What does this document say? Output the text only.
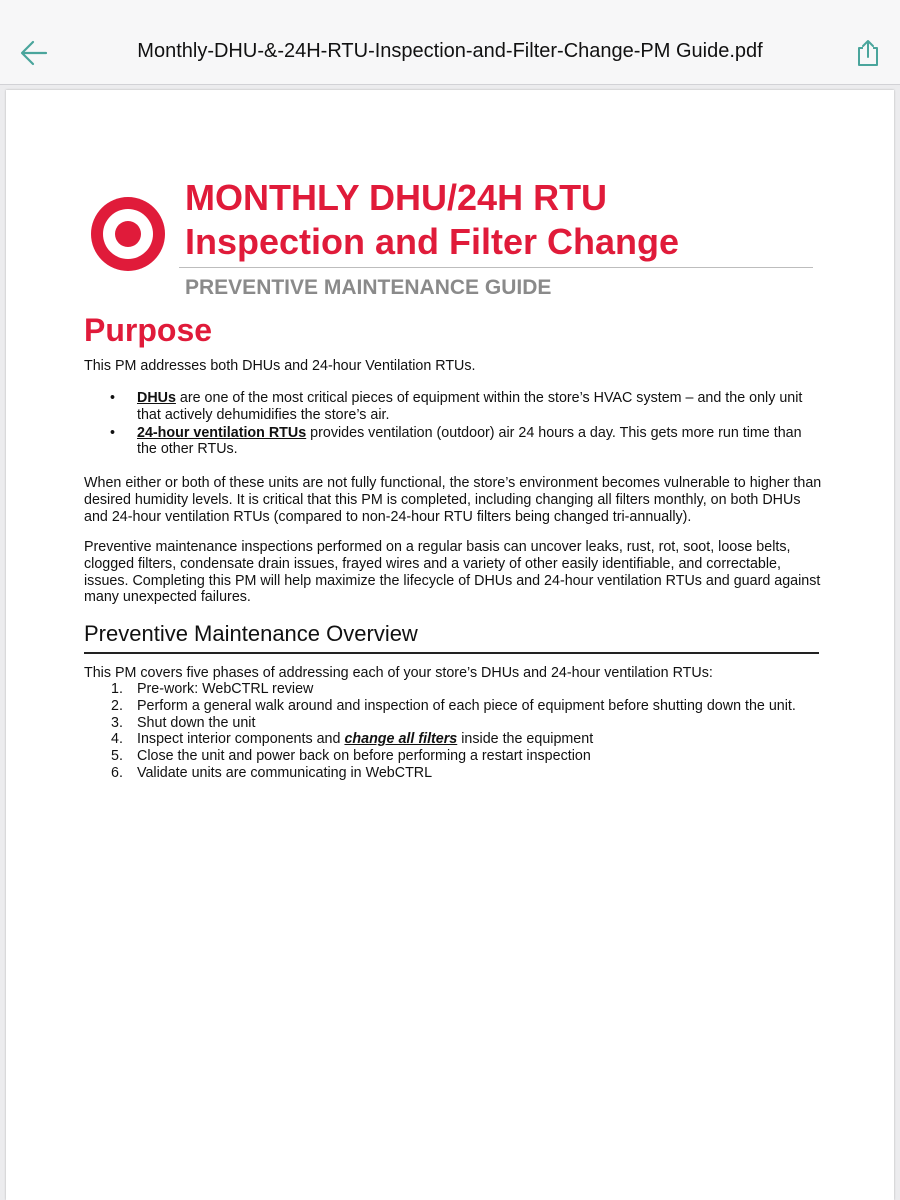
Monthly-DHU-&-24H-RTU-Inspection-and-Filter-Change-PM Guide.pdf
MONTHLY DHU/24H RTU
Inspection and Filter Change
PREVENTIVE MAINTENANCE GUIDE
Purpose
This PM addresses both DHUs and 24-hour Ventilation RTUs.
• DHUs are one of the most critical pieces of equipment within the store’s HVAC system – and the only unit that actively dehumidifies the store’s air.
• 24-hour ventilation RTUs provides ventilation (outdoor) air 24 hours a day. This gets more run time than the other RTUs.
When either or both of these units are not fully functional, the store’s environment becomes vulnerable to higher than desired humidity levels. It is critical that this PM is completed, including changing all filters monthly, on both DHUs and 24-hour ventilation RTUs (compared to non-24-hour RTU filters being changed tri-annually).
Preventive maintenance inspections performed on a regular basis can uncover leaks, rust, rot, soot, loose belts, clogged filters, condensate drain issues, frayed wires and a variety of other easily identifiable, and correctable, issues. Completing this PM will help maximize the lifecycle of DHUs and 24-hour ventilation RTUs and guard against many unexpected failures.
Preventive Maintenance Overview
This PM covers five phases of addressing each of your store’s DHUs and 24-hour ventilation RTUs:
1. Pre-work: WebCTRL review
2. Perform a general walk around and inspection of each piece of equipment before shutting down the unit.
3. Shut down the unit
4. Inspect interior components and change all filters inside the equipment
5. Close the unit and power back on before performing a restart inspection
6. Validate units are communicating in WebCTRL
